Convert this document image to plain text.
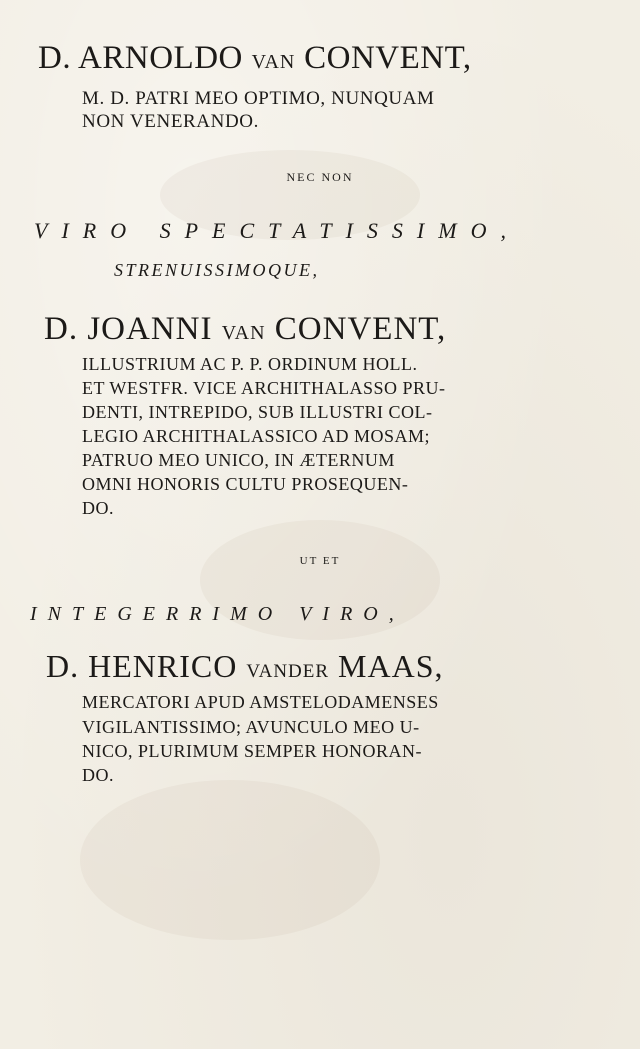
D. ARNOLDO VAN CONVENT,
M. D. PATRI MEO OPTIMO, NUNQUAM
NON VENERANDO.
NEC NON
VIRO SPECTATISSIMO,
STRENUISSIMOQUE,
D. JOANNI VAN CONVENT,
ILLUSTRIUM AC P. P. ORDINUM HOLL.
ET WESTFR. VICE ARCHITHALASSO PRU-
DENTI, INTREPIDO, SUB ILLUSTRI COL-
LEGIO ARCHITHALASSICO AD MOSAM;
PATRUO MEO UNICO, IN ÆTERNUM
OMNI HONORIS CULTU PROSEQUEN-
DO.
UT ET
INTEGERRIMO VIRO,
D. HENRICO VANDER MAAS,
MERCATORI APUD AMSTELODAMENSES
VIGILANTISSIMO; AVUNCULO MEO U-
NICO, PLURIMUM SEMPER HONORAN-
DO.
